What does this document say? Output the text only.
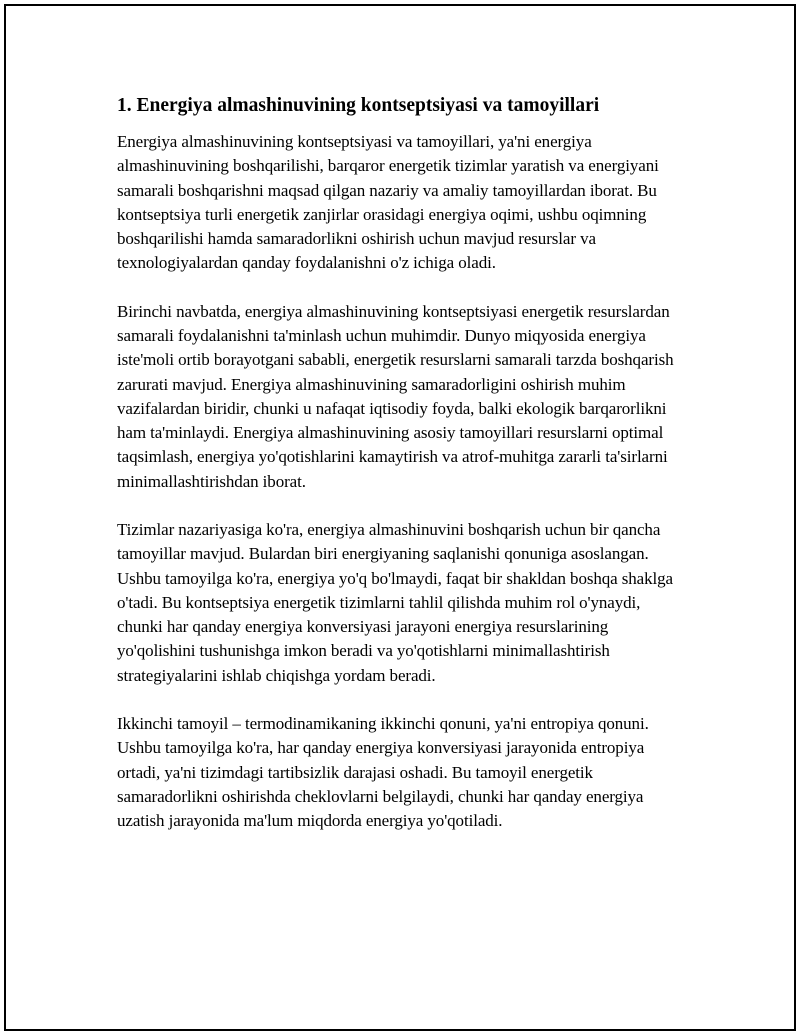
1. Energiya almashinuvining kontseptsiyasi va tamoyillari

Energiya almashinuvining kontseptsiyasi va tamoyillari, ya'ni energiya almashinuvining boshqarilishi, barqaror energetik tizimlar yaratish va energiyani samarali boshqarishni maqsad qilgan nazariy va amaliy tamoyillardan iborat. Bu kontseptsiya turli energetik zanjirlar orasidagi energiya oqimi, ushbu oqimning boshqarilishi hamda samaradorlikni oshirish uchun mavjud resurslar va texnologiyalardan qanday foydalanishni o'z ichiga oladi.

Birinchi navbatda, energiya almashinuvining kontseptsiyasi energetik resurslardan samarali foydalanishni ta'minlash uchun muhimdir. Dunyo miqyosida energiya iste'moli ortib borayotgani sababli, energetik resurslarni samarali tarzda boshqarish zarurati mavjud. Energiya almashinuvining samaradorligini oshirish muhim vazifalardan biridir, chunki u nafaqat iqtisodiy foyda, balki ekologik barqarorlikni ham ta'minlaydi. Energiya almashinuvining asosiy tamoyillari resurslarni optimal taqsimlash, energiya yo'qotishlarini kamaytirish va atrof-muhitga zararli ta'sirlarni minimallashtirishdan iborat.

Tizimlar nazariyasiga ko'ra, energiya almashinuvini boshqarish uchun bir qancha tamoyillar mavjud. Bulardan biri energiyaning saqlanishi qonuniga asoslangan. Ushbu tamoyilga ko'ra, energiya yo'q bo'lmaydi, faqat bir shakldan boshqa shaklga o'tadi. Bu kontseptsiya energetik tizimlarni tahlil qilishda muhim rol o'ynaydi, chunki har qanday energiya konversiyasi jarayoni energiya resurslarining yo'qolishini tushunishga imkon beradi va yo'qotishlarni minimallashtirish strategiyalarini ishlab chiqishga yordam beradi.

Ikkinchi tamoyil – termodinamikaning ikkinchi qonuni, ya'ni entropiya qonuni. Ushbu tamoyilga ko'ra, har qanday energiya konversiyasi jarayonida entropiya ortadi, ya'ni tizimdagi tartibsizlik darajasi oshadi. Bu tamoyil energetik samaradorlikni oshirishda cheklovlarni belgilaydi, chunki har qanday energiya uzatish jarayonida ma'lum miqdorda energiya yo'qotiladi.
